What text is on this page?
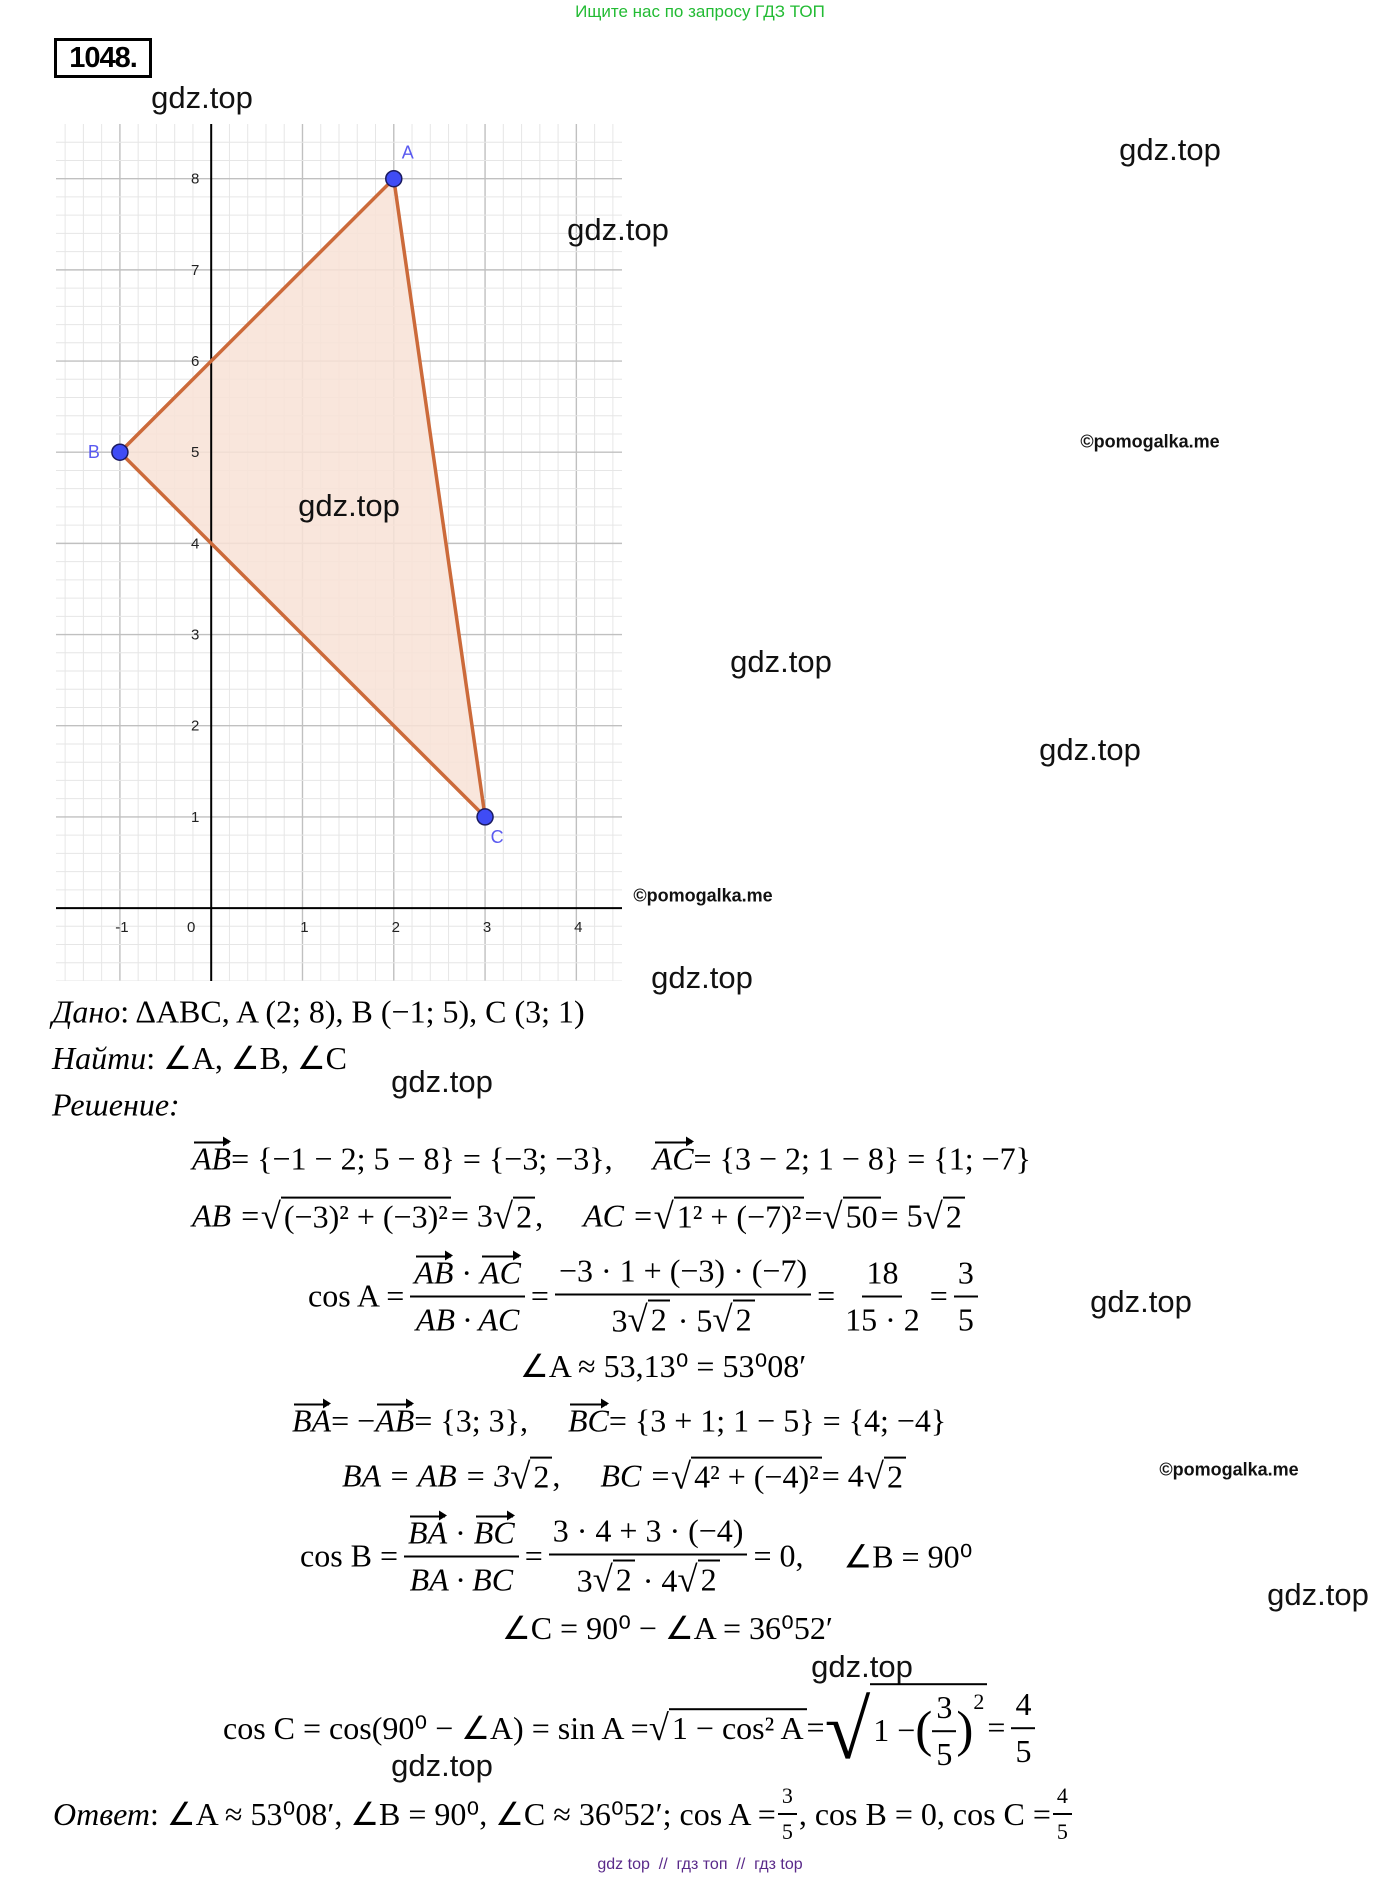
Ищите нас по запросу ГДЗ ТОП
1048.
-1	0	1	2	3	4
1
2
3
4
5
6
7
8
A
B
C
gdz.top
gdz.top
gdz.top
gdz.top
gdz.top
gdz.top
gdz.top
gdz.top
gdz.top
gdz.top
gdz.top
gdz.top
©pomogalka.me
©pomogalka.me
©pomogalka.me
Дано : ΔABC, A (2; 8), B (−1; 5), C (3; 1)
Найти : ∠A, ∠B, ∠C
Решение:
AB = {−1 − 2; 5 − 8} = {−3; −3}, AC = {3 − 2; 1 − 8} = {1; −7}
AB = √ (−3)² + (−3)² = 3 √ 2 , AC = √ 1² + (−7)² = √ 50 = 5 √ 2
$\cos A = \frac{AB \cdot AC}{AB \cdot AC} = \frac{-3 \cdot 1 + (-3) \cdot (-7)}{3 √ 2 \cdot 5 √ 2} = \frac{18}{15 \cdot 2} = \frac{3}{5}$
∠A ≈ 53,13⁰ = 53⁰08′
BA = − AB = {3; 3}, BC = {3 + 1; 1 − 5} = {4; −4}
BA = AB = 3 √ 2 , BC = √ 4² + (−4)² = 4 √ 2
$\cos B = \frac{BA \cdot BC}{BA \cdot BC} = \frac{3 \cdot 4 + 3 \cdot (-4)}{3 √ 2 \cdot 4 √ 2} = 0$, ∠B = 90⁰
∠C = 90⁰ − ∠A = 36⁰52′
cos C = cos(90⁰ − ∠A) = sin A = √ 1 − cos² A = √ 1 − ( $\frac{3}{5} )^2$
= $\frac{4}{5}$
Ответ : ∠A ≈ 53⁰08′, ∠B = 90⁰, ∠C ≈ 36⁰52′; $\cos A = \frac{3}{5}$ , cos B = 0, $\cos C = \frac{4}{5}$
gdz top  //  гдз топ  //  гдз top
